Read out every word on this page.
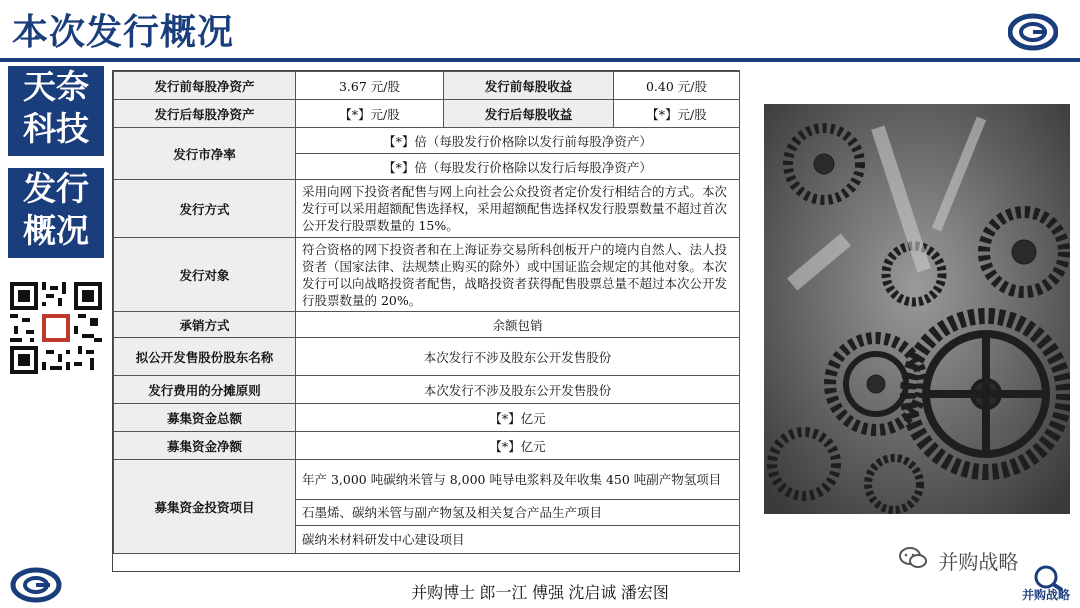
本次发行概况
天奈
科技
发行
概况
发行前每股净资产	3.67 元/股	发行前每股收益	0.40 元/股
发行后每股净资产	【*】元/股	发行后每股收益	【*】元/股
发行市净率	【*】倍（每股发行价格除以发行前每股净资产）		
	【*】倍（每股发行价格除以发行后每股净资产）		
发行方式	采用向网下投资者配售与网上向社会公众投资者定价发行相结合的方式。本次发行可以采用超额配售选择权，采用超额配售选择权发行股票数量不超过首次公开发行股票数量的 15%。		
发行对象	符合资格的网下投资者和在上海证券交易所科创板开户的境内自然人、法人投资者（国家法律、法规禁止购买的除外）或中国证监会规定的其他对象。本次发行可以向战略投资者配售，战略投资者获得配售股票总量不超过本次公开发行股票数量的 20%。		
承销方式	余额包销		
拟公开发售股份股东名称	本次发行不涉及股东公开发售股份		
发行费用的分摊原则	本次发行不涉及股东公开发售股份		
募集资金总额	【*】亿元		
募集资金净额	【*】亿元		
募集资金投资项目	年产 3,000 吨碳纳米管与 8,000 吨导电浆料及年收集 450 吨副产物氢项目		
	石墨烯、碳纳米管与副产物氢及相关复合产品生产项目		
	碳纳米材料研发中心建设项目		
并购博士 郎一江 傅强 沈启诚 潘宏图
并购战略
并购战略
